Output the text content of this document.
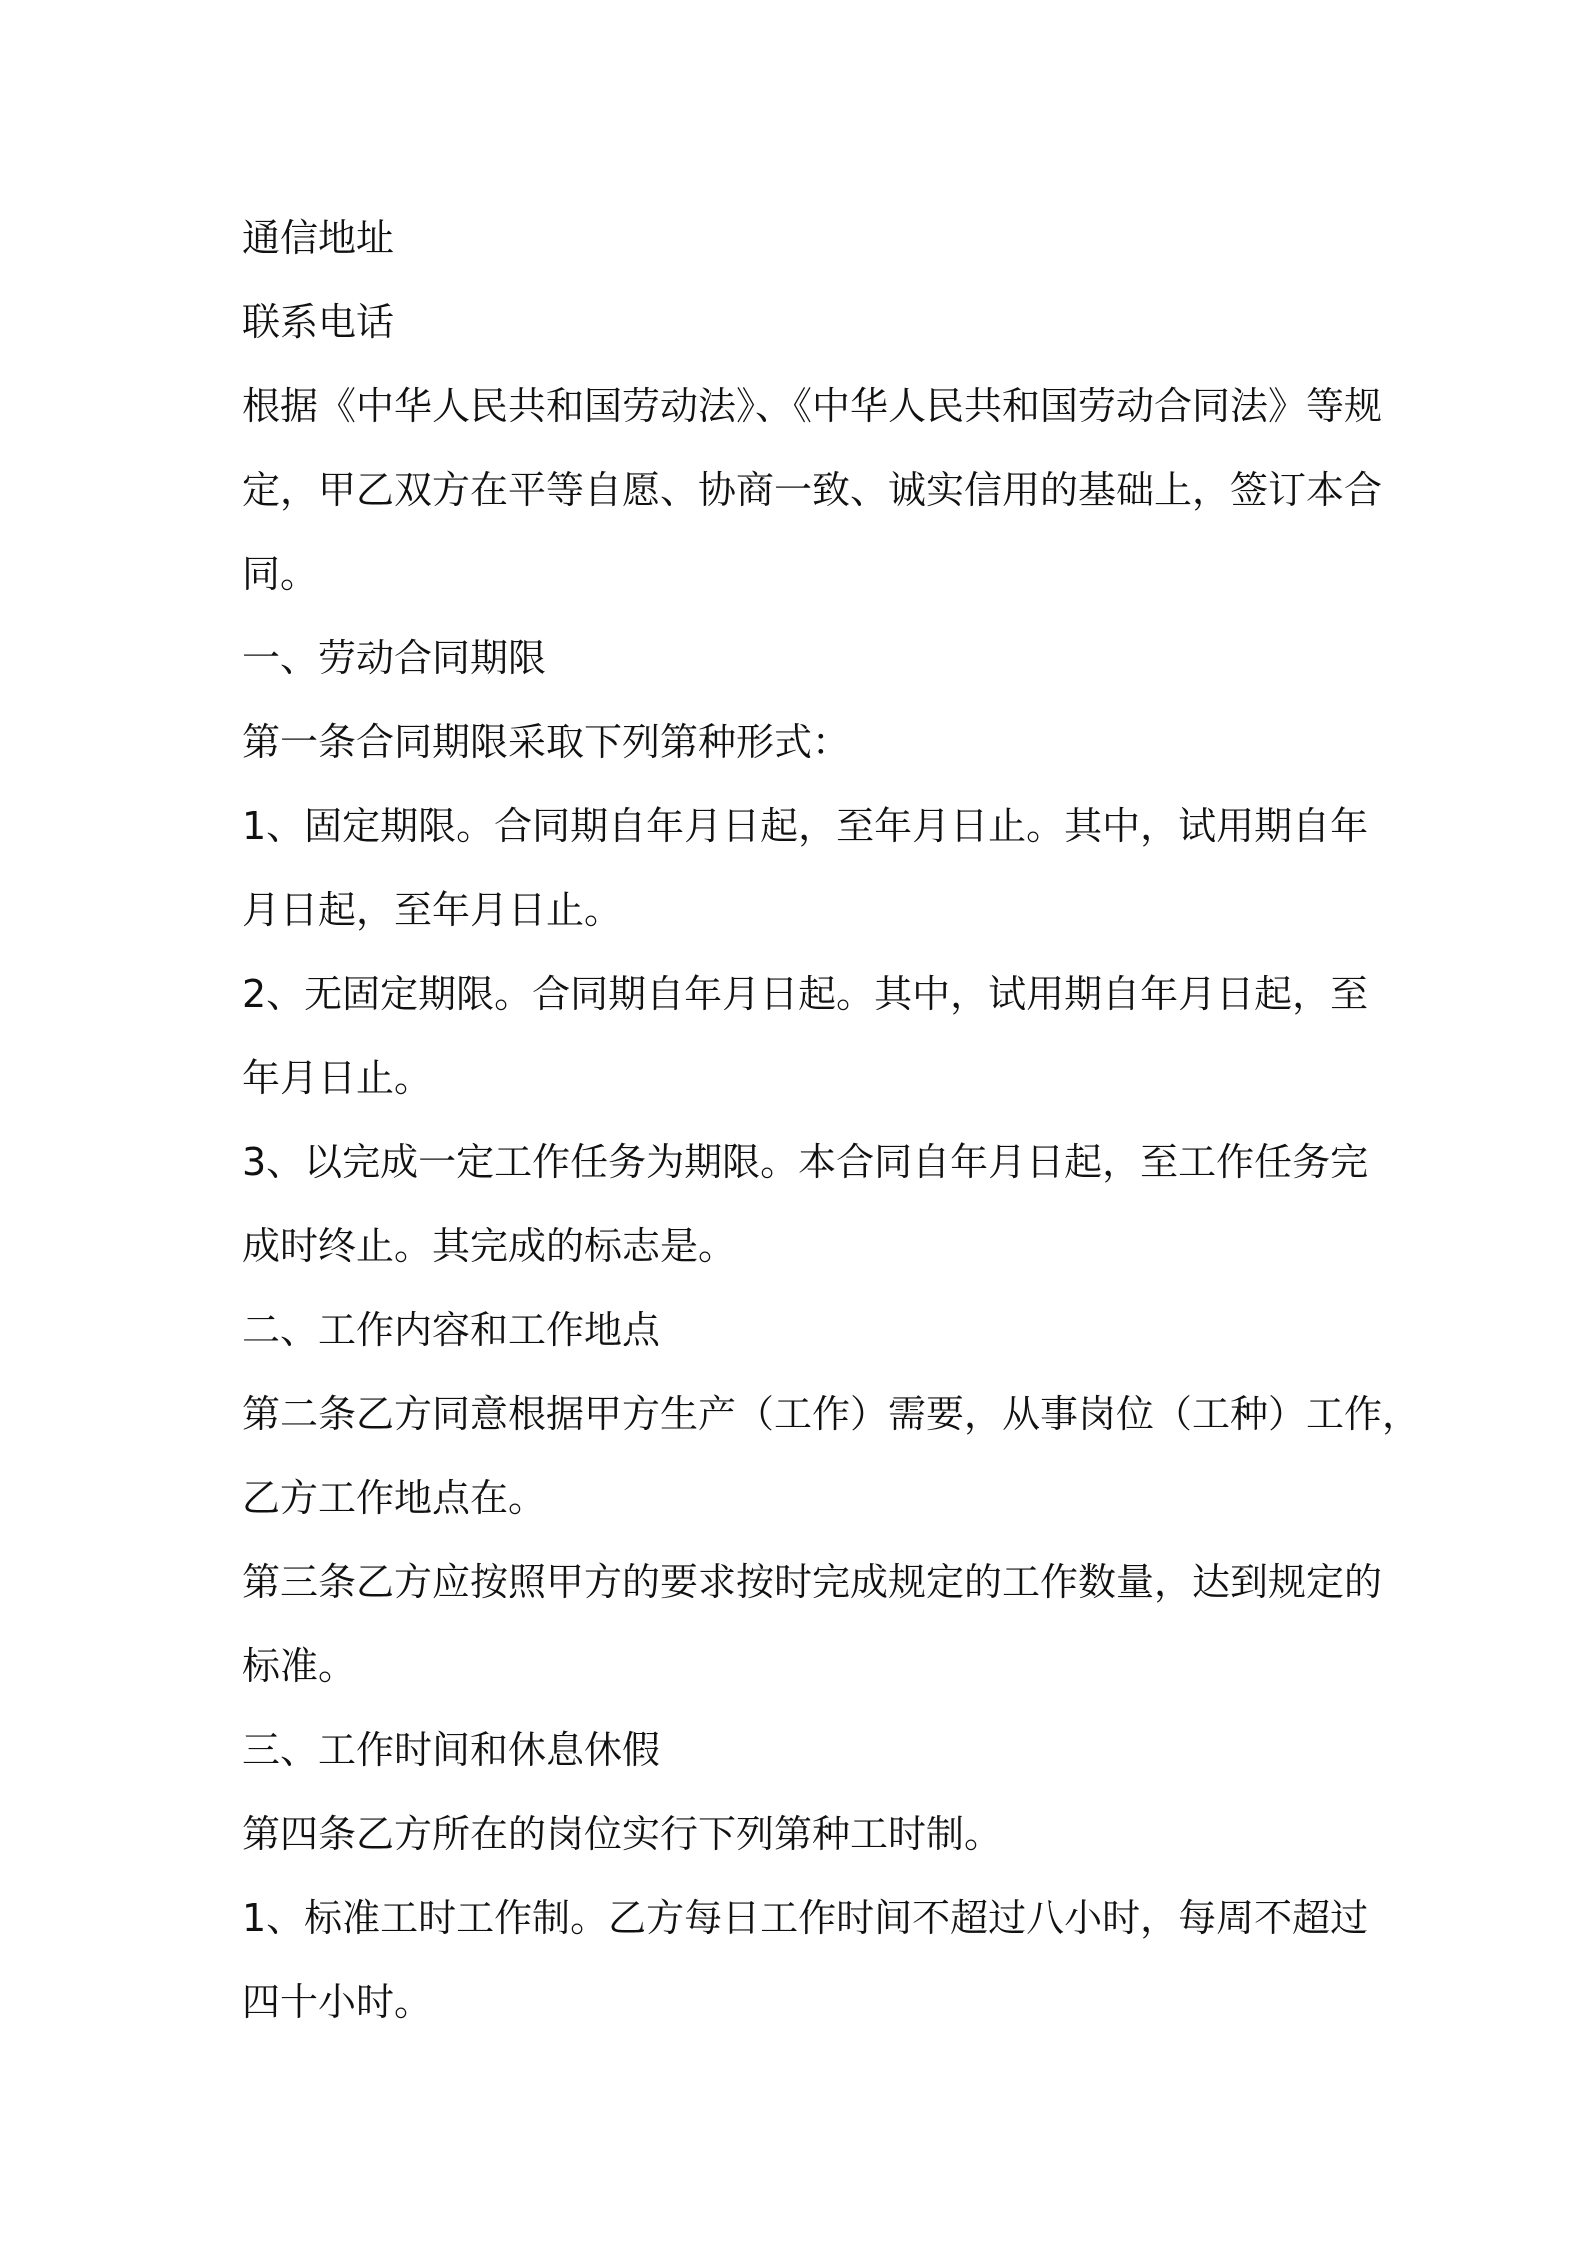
通信地址
联系电话
根据《中华人民共和国劳动法》、《中华人民共和国劳动合同法》等规
定，甲乙双方在平等自愿、协商一致、诚实信用的基础上，签订本合
同。
一、劳动合同期限
第一条合同期限采取下列第种形式：
1、固定期限。合同期自年月日起，至年月日止。其中，试用期自年
月日起，至年月日止。
2、无固定期限。合同期自年月日起。其中，试用期自年月日起，至
年月日止。
3、以完成一定工作任务为期限。本合同自年月日起，至工作任务完
成时终止。其完成的标志是。
二、工作内容和工作地点
第二条乙方同意根据甲方生产（工作）需要，从事岗位（工种）工作，
乙方工作地点在。
第三条乙方应按照甲方的要求按时完成规定的工作数量，达到规定的
标准。
三、工作时间和休息休假
第四条乙方所在的岗位实行下列第种工时制。
1、标准工时工作制。乙方每日工作时间不超过八小时，每周不超过
四十小时。
